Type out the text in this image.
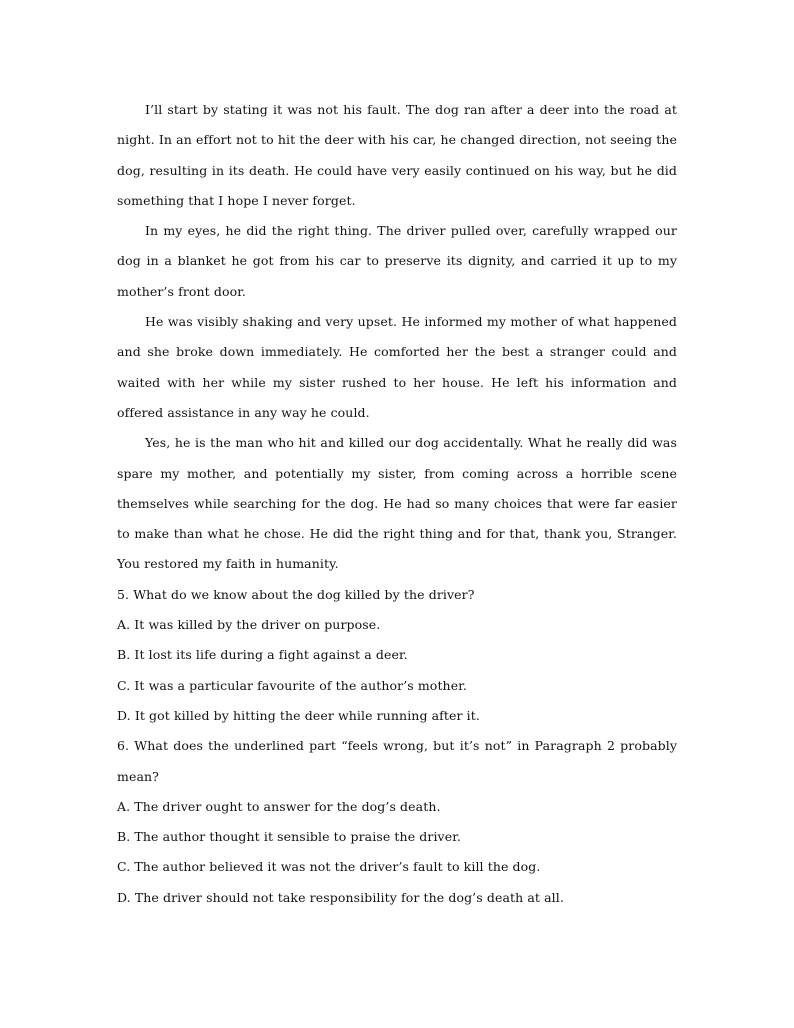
I’ll start by stating it was not his fault. The dog ran after a deer into the road at night. In an effort not to hit the deer with his car, he changed direction, not seeing the dog, resulting in its death. He could have very easily continued on his way, but he did something that I hope I never forget.

In my eyes, he did the right thing. The driver pulled over, carefully wrapped our dog in a blanket he got from his car to preserve its dignity, and carried it up to my mother’s front door.

He was visibly shaking and very upset. He informed my mother of what happened and she broke down immediately. He comforted her the best a stranger could and waited with her while my sister rushed to her house. He left his information and offered assistance in any way he could.

Yes, he is the man who hit and killed our dog accidentally. What he really did was spare my mother, and potentially my sister, from coming across a horrible scene themselves while searching for the dog. He had so many choices that were far easier to make than what he chose. He did the right thing and for that, thank you, Stranger. You restored my faith in humanity.

5. What do we know about the dog killed by the driver?

A. It was killed by the driver on purpose.

B. It lost its life during a fight against a deer.

C. It was a particular favourite of the author’s mother.

D. It got killed by hitting the deer while running after it.

6. What does the underlined part “feels wrong, but it’s not” in Paragraph 2 probably mean?

A. The driver ought to answer for the dog’s death.

B. The author thought it sensible to praise the driver.

C. The author believed it was not the driver’s fault to kill the dog.

D. The driver should not take responsibility for the dog’s death at all.
